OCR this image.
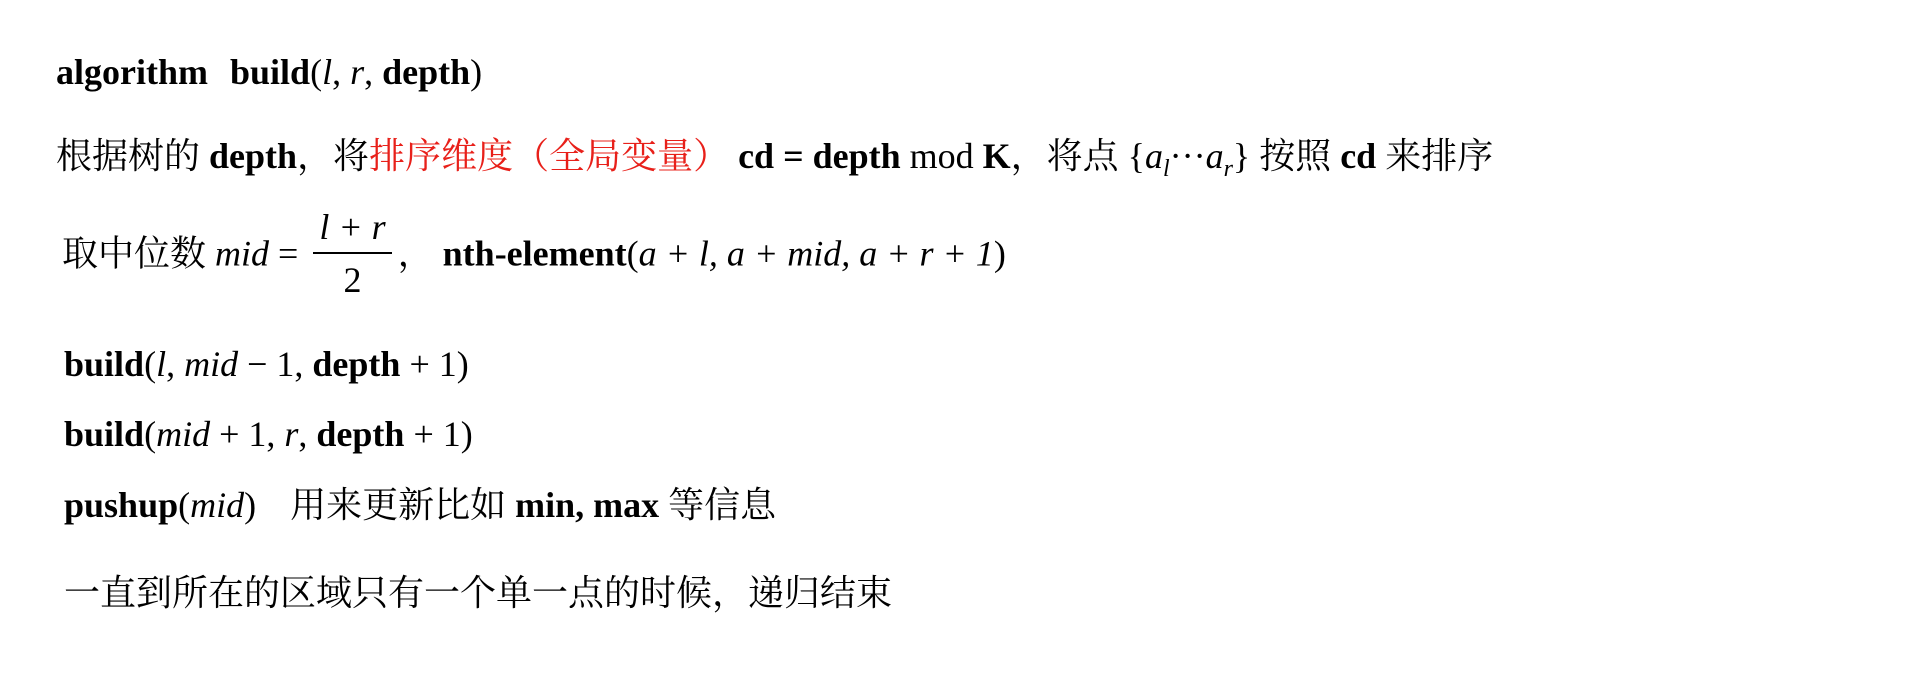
algorithm build(l, r, depth)
根据树的 depth，将排序维度（全局变量） cd = depth mod K，将点 $\{a_l\cdot\cdot\cdot a_r\}$ 按照 cd 来排序
取中位数 mid = $\frac{l + r}{2}$ ， nth-element(a + l, a + mid, a + r + 1)
build(l, mid − 1, depth + 1)
build(mid + 1, r, depth + 1)
pushup(mid) 用来更新比如 min, max 等信息
一直到所在的区域只有一个单一点的时候，递归结束
